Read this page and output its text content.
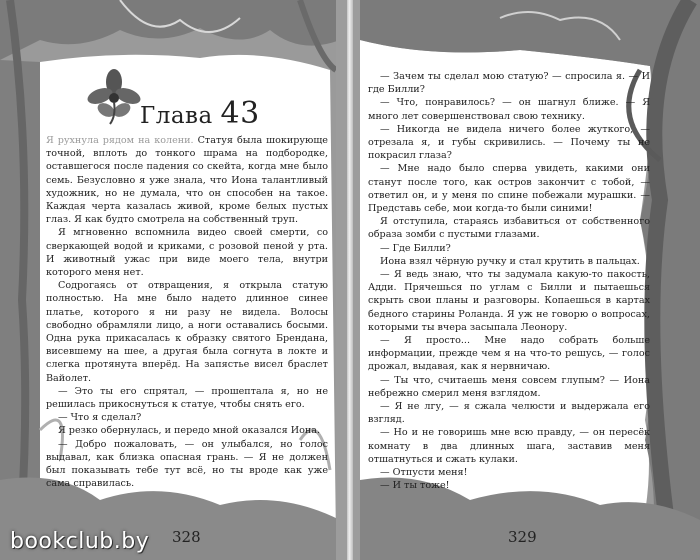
Глава 43

Я рухнула рядом на колени. Статуя была шокирующе точной, вплоть до тонкого шрама на подбородке, оставшегося после падения со скейта, когда мне было семь. Безусловно я уже знала, что Иона талантливый художник, но не думала, что он способен на такое. Каждая черта казалась живой, кроме белых пустых глаз. Я как будто смотрела на собственный труп.

Я мгновенно вспомнила видео своей смерти, со сверкающей водой и криками, с розовой пеной у рта. И животный ужас при виде моего тела, внутри которого меня нет.

Содрогаясь от отвращения, я открыла статую полностью. На мне было надето длинное синее платье, которого я ни разу не видела. Волосы свободно обрамляли лицо, а ноги оставались босыми. Одна рука прикасалась к образку святого Брендана, висевшему на шее, а другая была согнута в локте и слегка протянута вперёд. На запястье висел браслет Вайолет.

— Это ты его спрятал, — прошептала я, но не решилась прикоснуться к статуе, чтобы снять его.

— Что я сделал?

Я резко обернулась, и передо мной оказался Иона.

— Добро пожаловать, — он улыбался, но голос выдавал, как близка опасная грань. — Я не должен был показывать тебе тут всё, но ты вроде как уже сама справилась.

328

— Зачем ты сделал мою статую? — спросила я. — И где Билли?

— Что, понравилось? — он шагнул ближе. — Я много лет совершенствовал свою технику.

— Никогда не видела ничего более жуткого, — отрезала я, и губы скривились. — Почему ты не покрасил глаза?

— Мне надо было сперва увидеть, какими они станут после того, как остров закончит с тобой, — ответил он, и у меня по спине побежали мурашки. — Представь себе, мои когда-то были синими!

Я отступила, стараясь избавиться от собственного образа зомби с пустыми глазами.

— Где Билли?

Иона взял чёрную ручку и стал крутить в пальцах.

— Я ведь знаю, что ты задумала какую-то пакость, Адди. Прячешься по углам с Билли и пытаешься скрыть свои планы и разговоры. Копаешься в картах бедного старины Роланда. Я уж не говорю о вопросах, которыми ты вчера засыпала Леонору.

— Я просто... Мне надо собрать больше информации, прежде чем я на что-то решусь, — голос дрожал, выдавая, как я нервничаю.

— Ты что, считаешь меня совсем глупым? — Иона небрежно смерил меня взглядом.

— Я не лгу, — я сжала челюсти и выдержала его взгляд.

— Но и не говоришь мне всю правду, — он пересёк комнату в два длинных шага, заставив меня отшатнуться и сжать кулаки.

— Отпусти меня!

— И ты тоже!

329
bookclub.by
